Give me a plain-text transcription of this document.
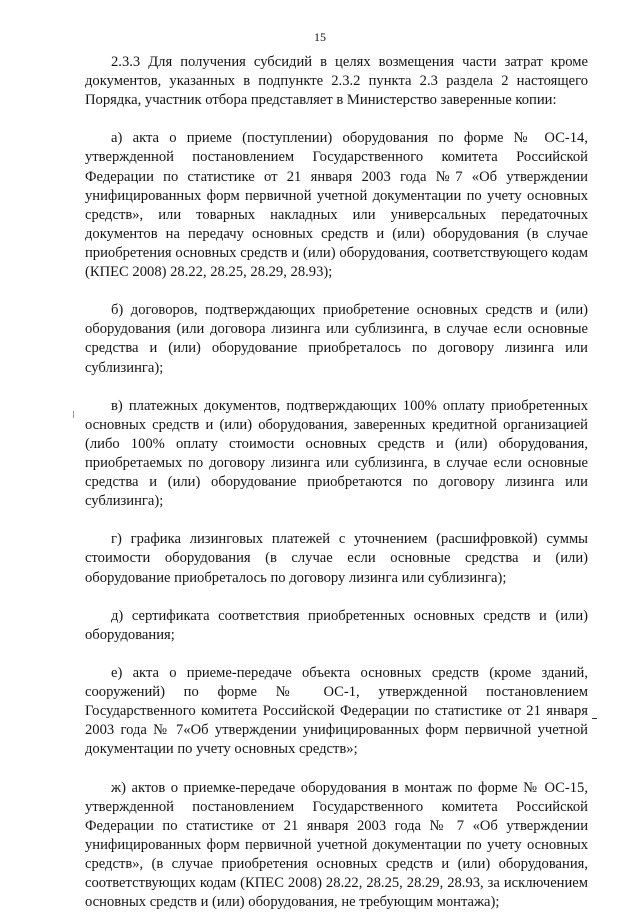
15

2.3.3 Для получения субсидий в целях возмещения части затрат кроме документов, указанных в подпункте 2.3.2 пункта 2.3 раздела 2 настоящего Порядка, участник отбора представляет в Министерство заверенные копии:

а) акта о приеме (поступлении) оборудования по форме № ОС-14, утвержденной постановлением Государственного комитета Российской Федерации по статистике от 21 января 2003 года №7 «Об утверждении унифицированных форм первичной учетной документации по учету основных средств», или товарных накладных или универсальных передаточных документов на передачу основных средств и (или) оборудования (в случае приобретения основных средств и (или) оборудования, соответствующего кодам (КПЕС 2008) 28.22, 28.25, 28.29, 28.93);

б) договоров, подтверждающих приобретение основных средств и (или) оборудования (или договора лизинга или сублизинга, в случае если основные средства и (или) оборудование приобреталось по договору лизинга или сублизинга);

в) платежных документов, подтверждающих 100% оплату приобретенных основных средств и (или) оборудования, заверенных кредитной организацией (либо 100% оплату стоимости основных средств и (или) оборудования, приобретаемых по договору лизинга или сублизинга, в случае если основные средства и (или) оборудование приобретаются по договору лизинга или сублизинга);

г) графика лизинговых платежей с уточнением (расшифровкой) суммы стоимости оборудования (в случае если основные средства и (или) оборудование приобреталось по договору лизинга или сублизинга);

д) сертификата соответствия приобретенных основных средств и (или) оборудования;

е) акта о приеме-передаче объекта основных средств (кроме зданий, сооружений) по форме № ОС-1, утвержденной постановлением Государственного комитета Российской Федерации по статистике от 21 января 2003 года № 7«Об утверждении унифицированных форм первичной учетной документации по учету основных средств»;

ж) актов о приемке-передаче оборудования в монтаж по форме № ОС-15, утвержденной постановлением Государственного комитета Российской Федерации по статистике от 21 января 2003 года № 7 «Об утверждении унифицированных форм первичной учетной документации по учету основных средств», (в случае приобретения основных средств и (или) оборудования, соответствующих кодам (КПЕС 2008) 28.22, 28.25, 28.29, 28.93, за исключением основных средств и (или) оборудования, не требующим монтажа);
